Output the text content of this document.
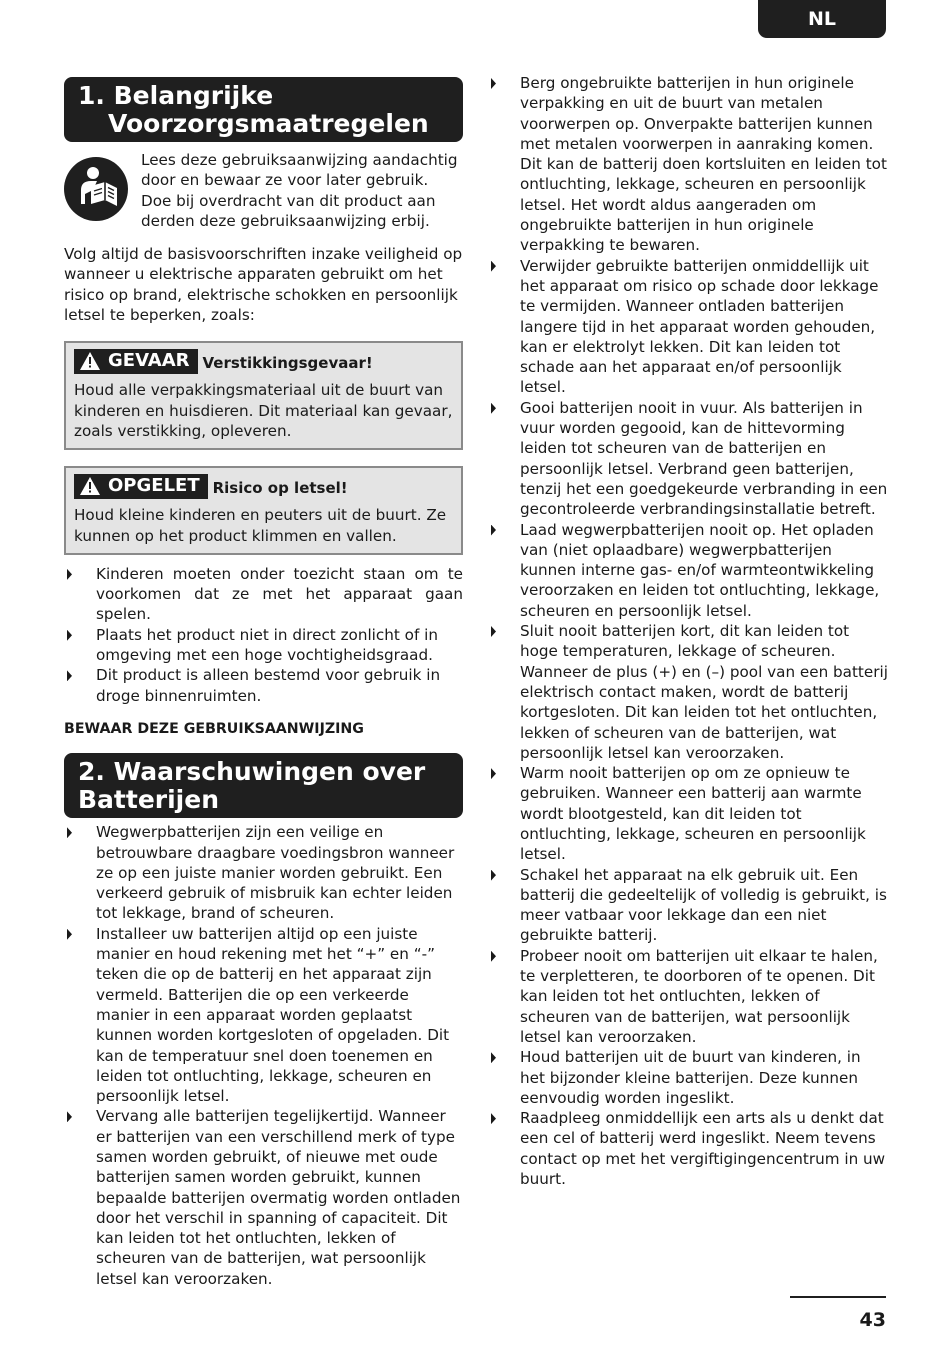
NL
1. Belangrijke
Voorzorgsmaatregelen
Lees deze gebruiksaanwijzing aandachtig door en bewaar ze voor later gebruik. Doe bij overdracht van dit product aan derden deze gebruiksaanwijzing erbij.

Volg altijd de basisvoorschriften inzake veiligheid op wanneer u elektrische apparaten gebruikt om het risico op brand, elektrische schokken en persoonlijk letsel te beperken, zoals:

GEVAAR Verstikkingsgevaar!
Houd alle verpakkingsmateriaal uit de buurt van kinderen en huisdieren. Dit materiaal kan gevaar, zoals verstikking, opleveren.
OPGELET Risico op letsel!
Houd kleine kinderen en peuters uit de buurt. Ze kunnen op het product klimmen en vallen.
Kinderen moeten onder toezicht staan om te voorkomen dat ze met het apparaat gaan spelen.
Plaats het product niet in direct zonlicht of in omgeving met een hoge vochtigheidsgraad.
Dit product is alleen bestemd voor gebruik in droge binnenruimten.
BEWAAR DEZE GEBRUIKSAANWIJZING
2. Waarschuwingen over
Batterijen
Wegwerpbatterijen zijn een veilige en betrouwbare draagbare voedingsbron wanneer ze op een juiste manier worden gebruikt. Een verkeerd gebruik of misbruik kan echter leiden tot lekkage, brand of scheuren.
Installeer uw batterijen altijd op een juiste manier en houd rekening met het “+” en “-” teken die op de batterij en het apparaat zijn vermeld. Batterijen die op een verkeerde manier in een apparaat worden geplaatst kunnen worden kortgesloten of opgeladen. Dit kan de temperatuur snel doen toenemen en leiden tot ontluchting, lekkage, scheuren en persoonlijk letsel.
Vervang alle batterijen tegelijkertijd. Wanneer er batterijen van een verschillend merk of type samen worden gebruikt, of nieuwe met oude batterijen samen worden gebruikt, kunnen bepaalde batterijen overmatig worden ontladen door het verschil in spanning of capaciteit. Dit kan leiden tot het ontluchten, lekken of scheuren van de batterijen, wat persoonlijk letsel kan veroorzaken.
Berg ongebruikte batterijen in hun originele verpakking en uit de buurt van metalen voorwerpen op. Onverpakte batterijen kunnen met metalen voorwerpen in aanraking komen. Dit kan de batterij doen kortsluiten en leiden tot ontluchting, lekkage, scheuren en persoonlijk letsel. Het wordt aldus aangeraden om ongebruikte batterijen in hun originele verpakking te bewaren.
Verwijder gebruikte batterijen onmiddellijk uit het apparaat om risico op schade door lekkage te vermijden. Wanneer ontladen batterijen langere tijd in het apparaat worden gehouden, kan er elektrolyt lekken. Dit kan leiden tot schade aan het apparaat en/of persoonlijk letsel.
Gooi batterijen nooit in vuur. Als batterijen in vuur worden gegooid, kan de hittevorming leiden tot scheuren van de batterijen en persoonlijk letsel. Verbrand geen batterijen, tenzij het een goedgekeurde verbranding in een gecontroleerde verbrandingsinstallatie betreft.
Laad wegwerpbatterijen nooit op. Het opladen van (niet oplaadbare) wegwerpbatterijen kunnen interne gas- en/of warmteontwikkeling veroorzaken en leiden tot ontluchting, lekkage, scheuren en persoonlijk letsel.
Sluit nooit batterijen kort, dit kan leiden tot hoge temperaturen, lekkage of scheuren. Wanneer de plus (+) en (–) pool van een batterij elektrisch contact maken, wordt de batterij kortgesloten. Dit kan leiden tot het ontluchten, lekken of scheuren van de batterijen, wat persoonlijk letsel kan veroorzaken.
Warm nooit batterijen op om ze opnieuw te gebruiken. Wanneer een batterij aan warmte wordt blootgesteld, kan dit leiden tot ontluchting, lekkage, scheuren en persoonlijk letsel.
Schakel het apparaat na elk gebruik uit. Een batterij die gedeeltelijk of volledig is gebruikt, is meer vatbaar voor lekkage dan een niet gebruikte batterij.
Probeer nooit om batterijen uit elkaar te halen, te verpletteren, te doorboren of te openen. Dit kan leiden tot het ontluchten, lekken of scheuren van de batterijen, wat persoonlijk letsel kan veroorzaken.
Houd batterijen uit de buurt van kinderen, in het bijzonder kleine batterijen. Deze kunnen eenvoudig worden ingeslikt.
Raadpleeg onmiddellijk een arts als u denkt dat een cel of batterij werd ingeslikt. Neem tevens contact op met het vergiftigingencentrum in uw buurt.
43
